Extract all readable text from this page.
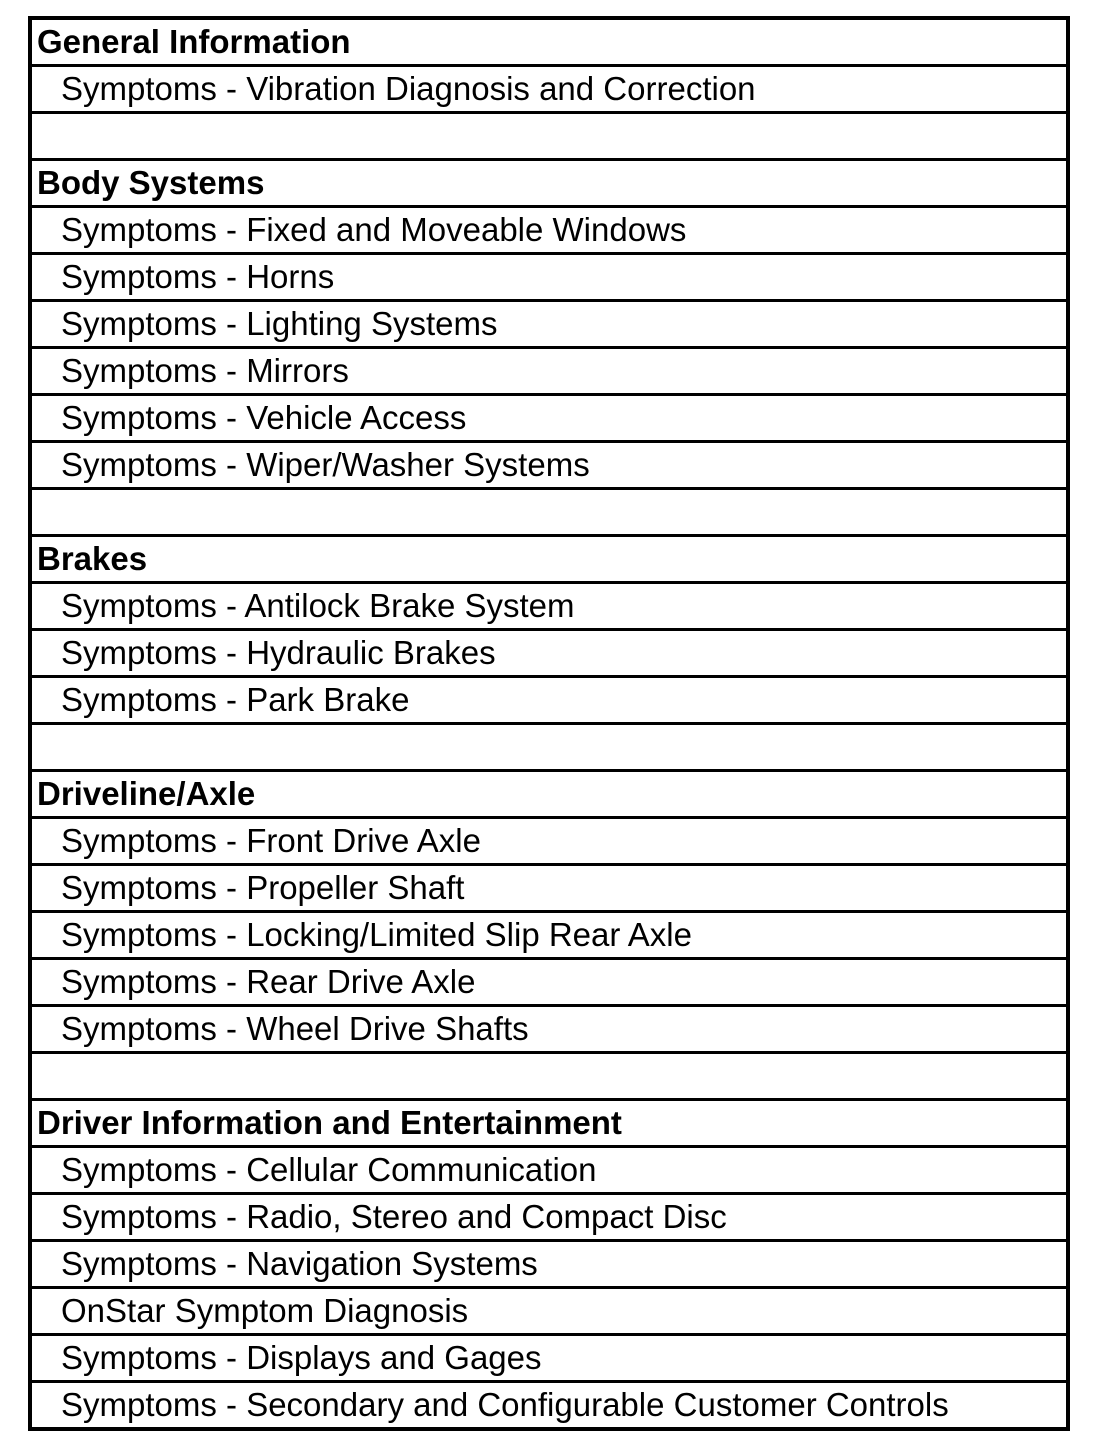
General Information
Symptoms - Vibration Diagnosis and Correction
Body Systems
Symptoms - Fixed and Moveable Windows
Symptoms - Horns
Symptoms - Lighting Systems
Symptoms - Mirrors
Symptoms - Vehicle Access
Symptoms - Wiper/Washer Systems
Brakes
Symptoms - Antilock Brake System
Symptoms - Hydraulic Brakes
Symptoms - Park Brake
Driveline/Axle
Symptoms - Front Drive Axle
Symptoms - Propeller Shaft
Symptoms - Locking/Limited Slip Rear Axle
Symptoms - Rear Drive Axle
Symptoms - Wheel Drive Shafts
Driver Information and Entertainment
Symptoms - Cellular Communication
Symptoms - Radio, Stereo and Compact Disc
Symptoms - Navigation Systems
OnStar Symptom Diagnosis
Symptoms - Displays and Gages
Symptoms - Secondary and Configurable Customer Controls
